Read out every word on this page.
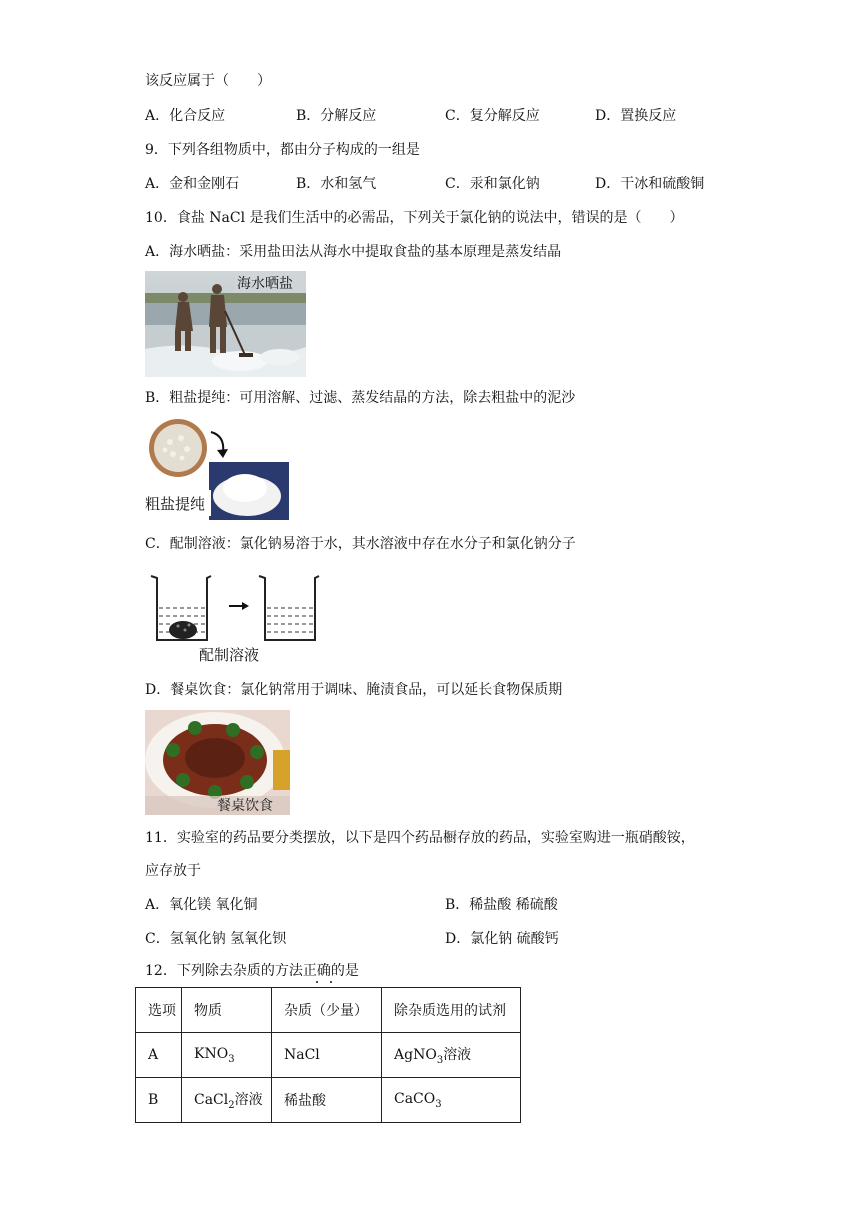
该反应属于（　　）
A．化合反应	B．分解反应	C．复分解反应	D．置换反应
9．下列各组物质中，都由分子构成的一组是
A．金和金刚石	B．水和氢气	C．汞和氯化钠	D．干冰和硫酸铜
10．食盐 NaCl 是我们生活中的必需品，下列关于氯化钠的说法中，错误的是（　　）
A．海水晒盐：采用盐田法从海水中提取食盐的基本原理是蒸发结晶
海水晒盐
B．粗盐提纯：可用溶解、过滤、蒸发结晶的方法，除去粗盐中的泥沙
粗盐提纯
C．配制溶液：氯化钠易溶于水，其水溶液中存在水分子和氯化钠分子
配制溶液
D．餐桌饮食：氯化钠常用于调味、腌渍食品，可以延长食物保质期
餐桌饮食
11．实验室的药品要分类摆放，以下是四个药品橱存放的药品，实验室购进一瓶硝酸铵，
应存放于
A．氧化镁 氧化铜	B．稀盐酸 稀硫酸
C．氢氧化钠 氢氧化钡	D．氯化钠 硫酸钙
12．下列除去杂质的方法正确的是
选项	物质	杂质（少量）	除杂质选用的试剂
A	$KNO_3$	NaCl	AgNO$_3$溶液
B	CaCl$_2$溶液	稀盐酸	CaCO$_3$
